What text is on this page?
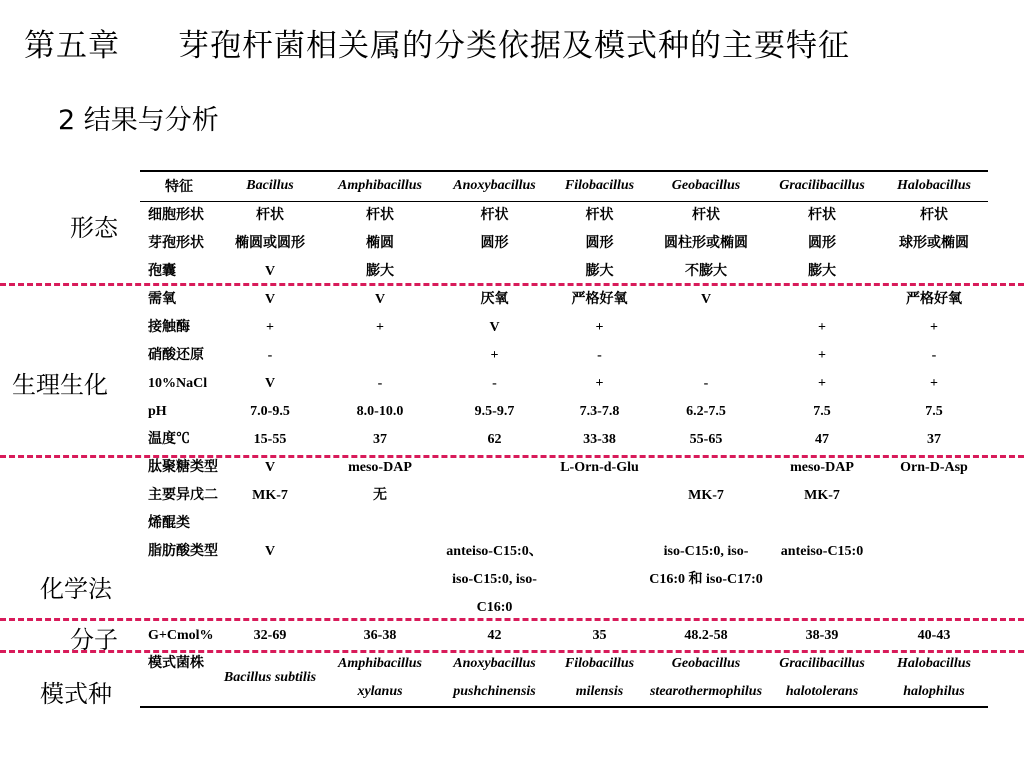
第五章 芽孢杆菌相关属的分类依据及模式种的主要特征
2 结果与分析
形态
生理生化
化学法
分子
模式种
特征	Bacillus	Amphibacillus	Anoxybacillus	Filobacillus	Geobacillus	Gracilibacillus	Halobacillus
细胞形状	杆状	杆状	杆状	杆状	杆状	杆状	杆状
芽孢形状	椭圆或圆形	椭圆	圆形	圆形	圆柱形或椭圆	圆形	球形或椭圆
孢囊	V	膨大		膨大	不膨大	膨大	
需氧	V	V	厌氧	严格好氧	V		严格好氧
接触酶	+	+	V	+		+	+
硝酸还原	-		+	-		+	-
10%NaCl	V	-	-	+	-	+	+
pH	7.0-9.5	8.0-10.0	9.5-9.7	7.3-7.8	6.2-7.5	7.5	7.5
温度℃	15-55	37	62	33-38	55-65	47	37
肽聚糖类型	V	meso-DAP		L-Orn-d-Glu		meso-DAP	Orn-D-Asp
主要异戊二烯醌类	MK-7	无			MK-7	MK-7	
脂肪酸类型	V		anteiso-C15:0、iso-C15:0, iso-C16:0		iso-C15:0, iso-C16:0 和 iso-C17:0	anteiso-C15:0	
G+Cmol%	32-69	36-38	42	35	48.2-58	38-39	40-43
模式菌株	Bacillus subtilis	Amphibacillus xylanus	Anoxybacillus pushchinensis	Filobacillus milensis	Geobacillus stearothermophilus	Gracilibacillus halotolerans	Halobacillus halophilus
